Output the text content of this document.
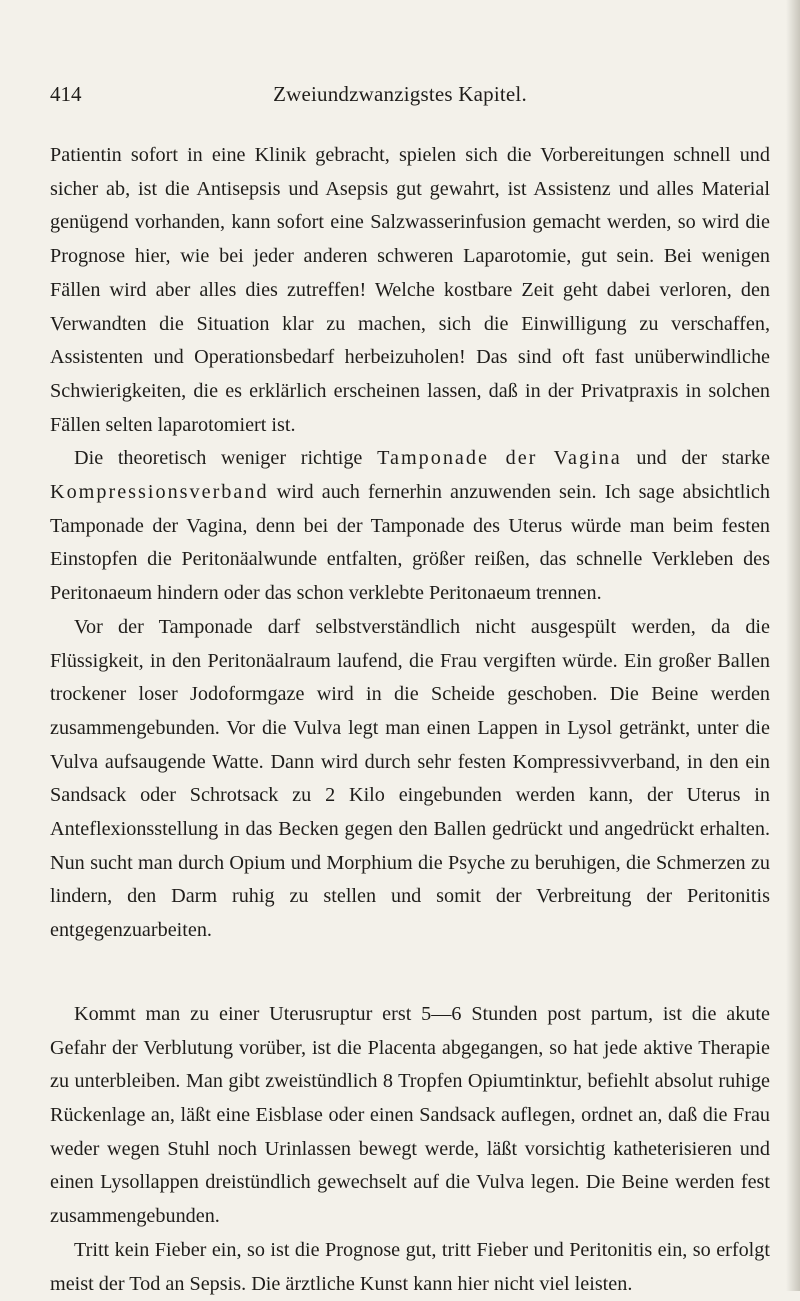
414	Zweiundzwanzigstes Kapitel.

Patientin sofort in eine Klinik gebracht, spielen sich die Vorbereitungen schnell und sicher ab, ist die Antisepsis und Asepsis gut gewahrt, ist Assistenz und alles Material genügend vorhanden, kann sofort eine Salzwasserinfusion gemacht werden, so wird die Prognose hier, wie bei jeder anderen schweren Laparotomie, gut sein. Bei wenigen Fällen wird aber alles dies zutreffen! Welche kostbare Zeit geht dabei verloren, den Verwandten die Situation klar zu machen, sich die Einwilligung zu verschaffen, Assistenten und Operationsbedarf herbeizuholen! Das sind oft fast unüberwindliche Schwierigkeiten, die es erklärlich erscheinen lassen, daß in der Privatpraxis in solchen Fällen selten laparotomiert ist.

Die theoretisch weniger richtige Tamponade der Vagina und der starke Kompressionsverband wird auch fernerhin anzuwenden sein. Ich sage absichtlich Tamponade der Vagina, denn bei der Tamponade des Uterus würde man beim festen Einstopfen die Peritonäalwunde entfalten, größer reißen, das schnelle Verkleben des Peritonaeum hindern oder das schon verklebte Peritonaeum trennen.

Vor der Tamponade darf selbstverständlich nicht ausgespült werden, da die Flüssigkeit, in den Peritonäalraum laufend, die Frau vergiften würde. Ein großer Ballen trockener loser Jodoformgaze wird in die Scheide geschoben. Die Beine werden zusammengebunden. Vor die Vulva legt man einen Lappen in Lysol getränkt, unter die Vulva aufsaugende Watte. Dann wird durch sehr festen Kompressivverband, in den ein Sandsack oder Schrotsack zu 2 Kilo eingebunden werden kann, der Uterus in Anteflexionsstellung in das Becken gegen den Ballen gedrückt und angedrückt erhalten. Nun sucht man durch Opium und Morphium die Psyche zu beruhigen, die Schmerzen zu lindern, den Darm ruhig zu stellen und somit der Verbreitung der Peritonitis entgegenzuarbeiten.

Kommt man zu einer Uterusruptur erst 5—6 Stunden post partum, ist die akute Gefahr der Verblutung vorüber, ist die Placenta abgegangen, so hat jede aktive Therapie zu unterbleiben. Man gibt zweistündlich 8 Tropfen Opiumtinktur, befiehlt absolut ruhige Rückenlage an, läßt eine Eisblase oder einen Sandsack auflegen, ordnet an, daß die Frau weder wegen Stuhl noch Urinlassen bewegt werde, läßt vorsichtig katheterisieren und einen Lysollappen dreistündlich gewechselt auf die Vulva legen. Die Beine werden fest zusammengebunden.

Tritt kein Fieber ein, so ist die Prognose gut, tritt Fieber und Peritonitis ein, so erfolgt meist der Tod an Sepsis. Die ärztliche Kunst kann hier nicht viel leisten.
